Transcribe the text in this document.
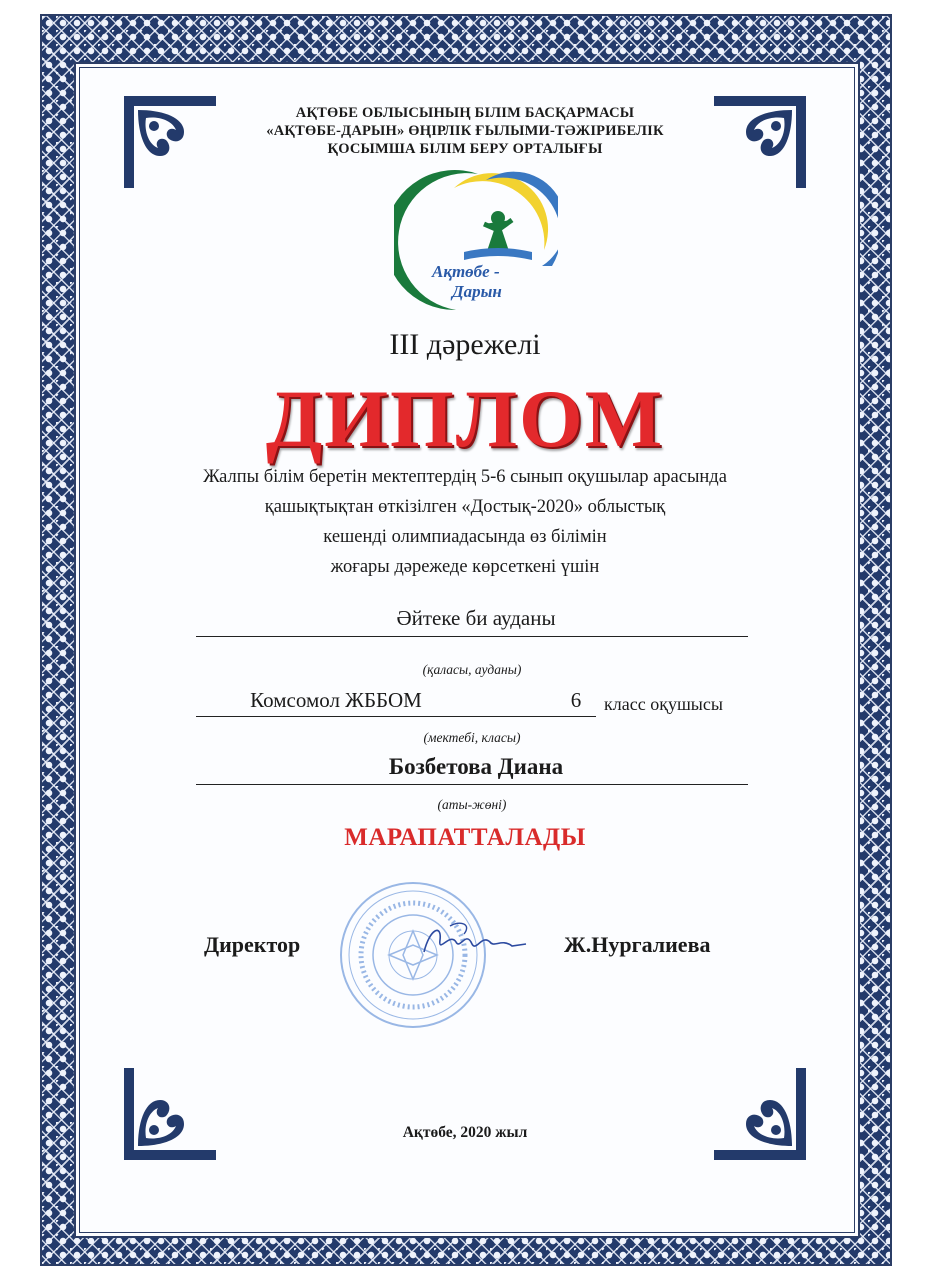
АҚТӨБЕ ОБЛЫСЫНЫҢ БІЛІМ БАСҚАРМАСЫ

«АҚТӨБЕ-ДАРЫН» ӨҢІРЛІК ҒЫЛЫМИ-ТӘЖІРИБЕЛІК

ҚОСЫМША БІЛІМ БЕРУ ОРТАЛЫҒЫ

Ақтөбе -
Дарын

III дәрежелі

ДИПЛОМ

Жалпы білім беретін мектептердің 5-6 сынып оқушылар арасында
қашықтықтан өткізілген «Достық-2020» облыстық
кешенді олимпиадасында өз білімін
жоғары дәрежеде көрсеткені үшін
Әйтеке би ауданы
(қаласы, ауданы)
Комсомол ЖББОМ	6	класс оқушысы
(мектебі, класы)
Бозбетова Диана
(аты-жөні)

МАРАПАТТАЛАДЫ

Директор	Ж.Нургалиева

Ақтөбе, 2020 жыл
